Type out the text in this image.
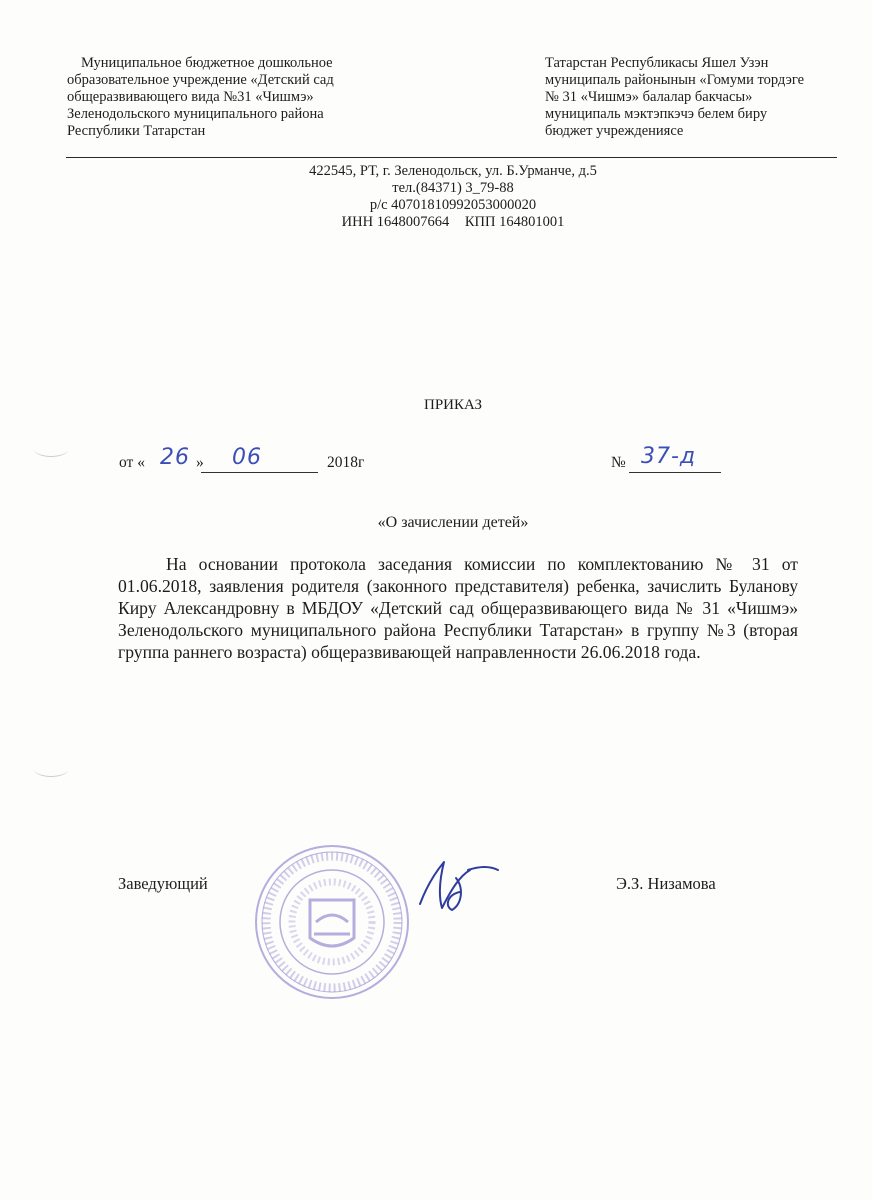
Муниципальное бюджетное дошкольное
образовательное учреждение «Детский сад
общеразвивающего вида №31 «Чишмэ»
Зеленодольского муниципального района
Республики Татарстан
Татарстан Республикасы Яшел Узэн
муниципаль районынын «Гомуми тордэге
№ 31 «Чишмэ» балалар бакчасы»
муниципаль мэктэпкэчэ белем биру
бюджет учреждениясе
422545, РТ, г. Зеленодольск, ул. Б.Урманче, д.5
тел.(84371) 3_79-88
р/с 40701810992053000020
ИНН 1648007664 КПП 164801001
ПРИКАЗ
от « 26 » 06	2018г	№ 37-д
«О зачислении детей»
На основании протокола заседания комиссии по комплектованию № 31 от 01.06.2018, заявления родителя (законного представителя) ребенка, зачислить Буланову Киру Александровну в МБДОУ «Детский сад общеразвивающего вида № 31 «Чишмэ» Зеленодольского муниципального района Республики Татарстан» в группу №3 (вторая группа раннего возраста) общеразвивающей направленности 26.06.2018 года.
Заведующий	Э.З. Низамова
